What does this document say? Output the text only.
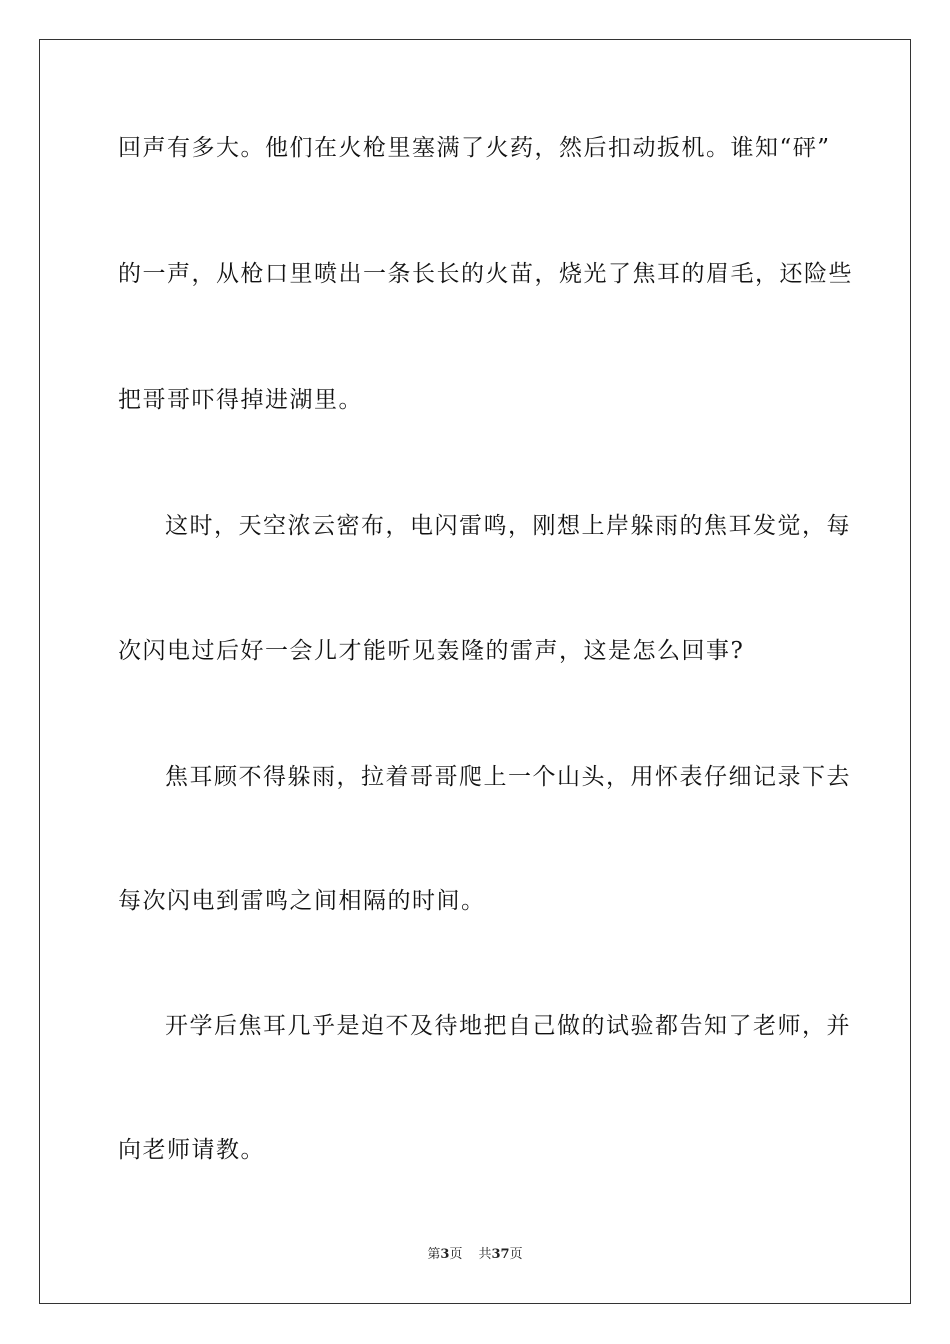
回声有多大。他们在火枪里塞满了火药，然后扣动扳机。谁知“砰”
的一声，从枪口里喷出一条长长的火苗，烧光了焦耳的眉毛，还险些
把哥哥吓得掉进湖里。
这时，天空浓云密布，电闪雷鸣，刚想上岸躲雨的焦耳发觉，每
次闪电过后好一会儿才能听见轰隆的雷声，这是怎么回事?
焦耳顾不得躲雨，拉着哥哥爬上一个山头，用怀表仔细记录下去
每次闪电到雷鸣之间相隔的时间。
开学后焦耳几乎是迫不及待地把自己做的试验都告知了老师，并
向老师请教。
第3页 共37页
